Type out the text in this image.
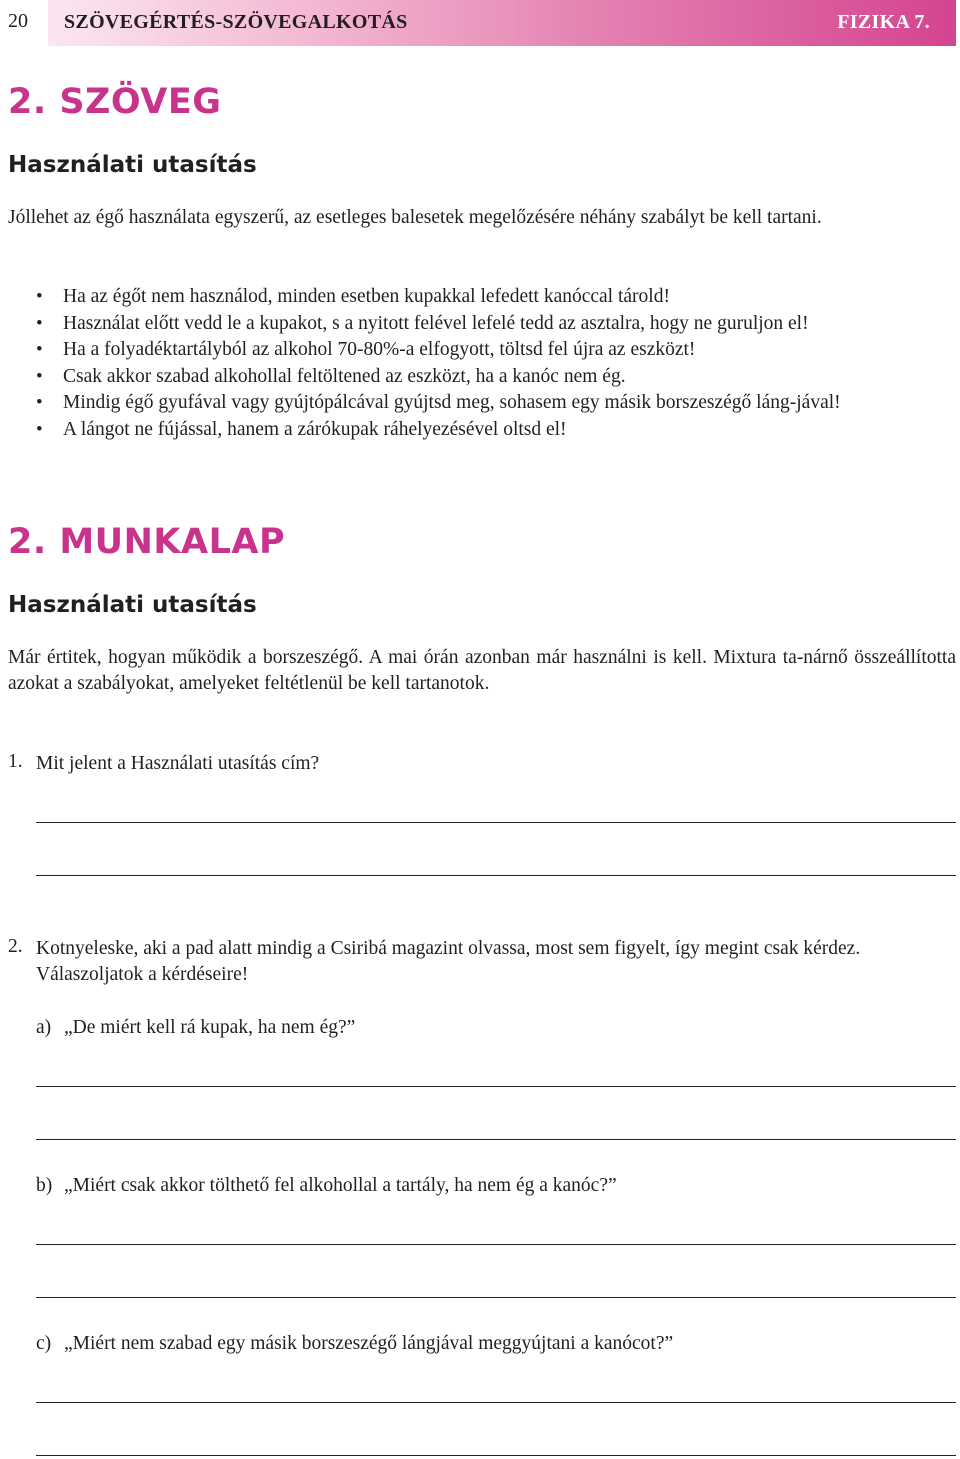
20 SZÖVEGÉRTÉS-SZÖVEGALKOTÁS	FIZIKA 7.
2. SZÖVEG
Használati utasítás

Jóllehet az égő használata egyszerű, az esetleges balesetek megelőzésére néhány szabályt be kell tartani.

• Ha az égőt nem használod, minden esetben kupakkal lefedett kanóccal tárold!
• Használat előtt vedd le a kupakot, s a nyitott felével lefelé tedd az asztalra, hogy ne guruljon el!
• Ha a folyadéktartályból az alkohol 70-80%-a elfogyott, töltsd fel újra az eszközt!
• Csak akkor szabad alkohollal feltöltened az eszközt, ha a kanóc nem ég.
• Mindig égő gyufával vagy gyújtópálcával gyújtsd meg, sohasem egy másik borszeszégő láng-jával!
• A lángot ne fújással, hanem a zárókupak ráhelyezésével oltsd el!
2. MUNKALAP
Használati utasítás

Már értitek, hogyan működik a borszeszégő. A mai órán azonban már használni is kell. Mixtura ta-nárnő összeállította azokat a szabályokat, amelyeket feltétlenül be kell tartanotok.

1. Mit jelent a Használati utasítás cím?

2. Kotnyeleske, aki a pad alatt mindig a Csiribá magazint olvassa, most sem figyelt, így megint csak kérdez. Válaszoljatok a kérdéseire!

a) „De miért kell rá kupak, ha nem ég?”

b) „Miért csak akkor tölthető fel alkohollal a tartály, ha nem ég a kanóc?”

c) „Miért nem szabad egy másik borszeszégő lángjával meggyújtani a kanócot?”
